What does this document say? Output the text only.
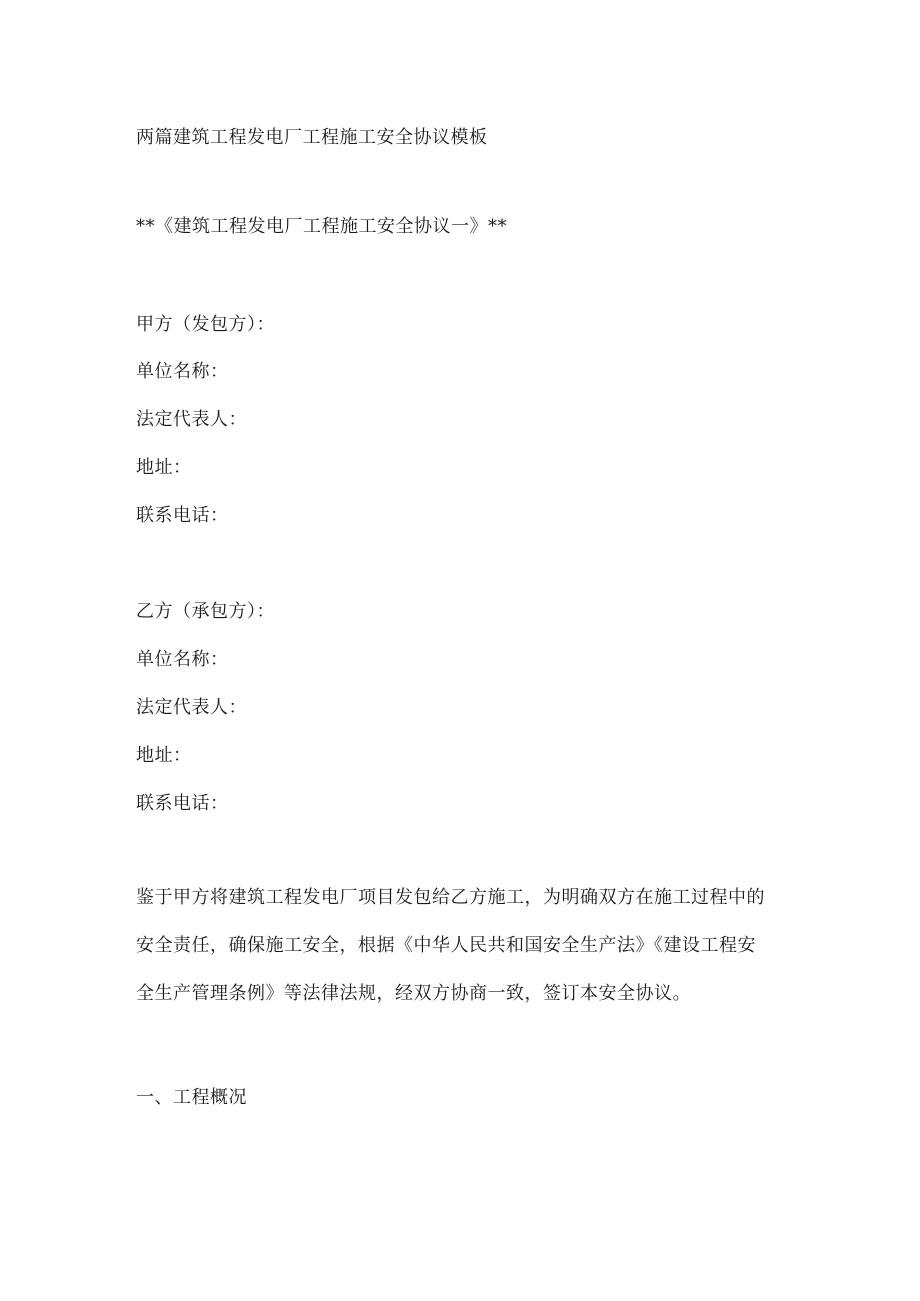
两篇建筑工程发电厂工程施工安全协议模板
**《建筑工程发电厂工程施工安全协议一》**
甲方（发包方）：
单位名称：
法定代表人：
地址：
联系电话：
乙方（承包方）：
单位名称：
法定代表人：
地址：
联系电话：
鉴于甲方将建筑工程发电厂项目发包给乙方施工，为明确双方在施工过程中的
安全责任，确保施工安全，根据《中华人民共和国安全生产法》《建设工程安
全生产管理条例》等法律法规，经双方协商一致，签订本安全协议。
一、工程概况
